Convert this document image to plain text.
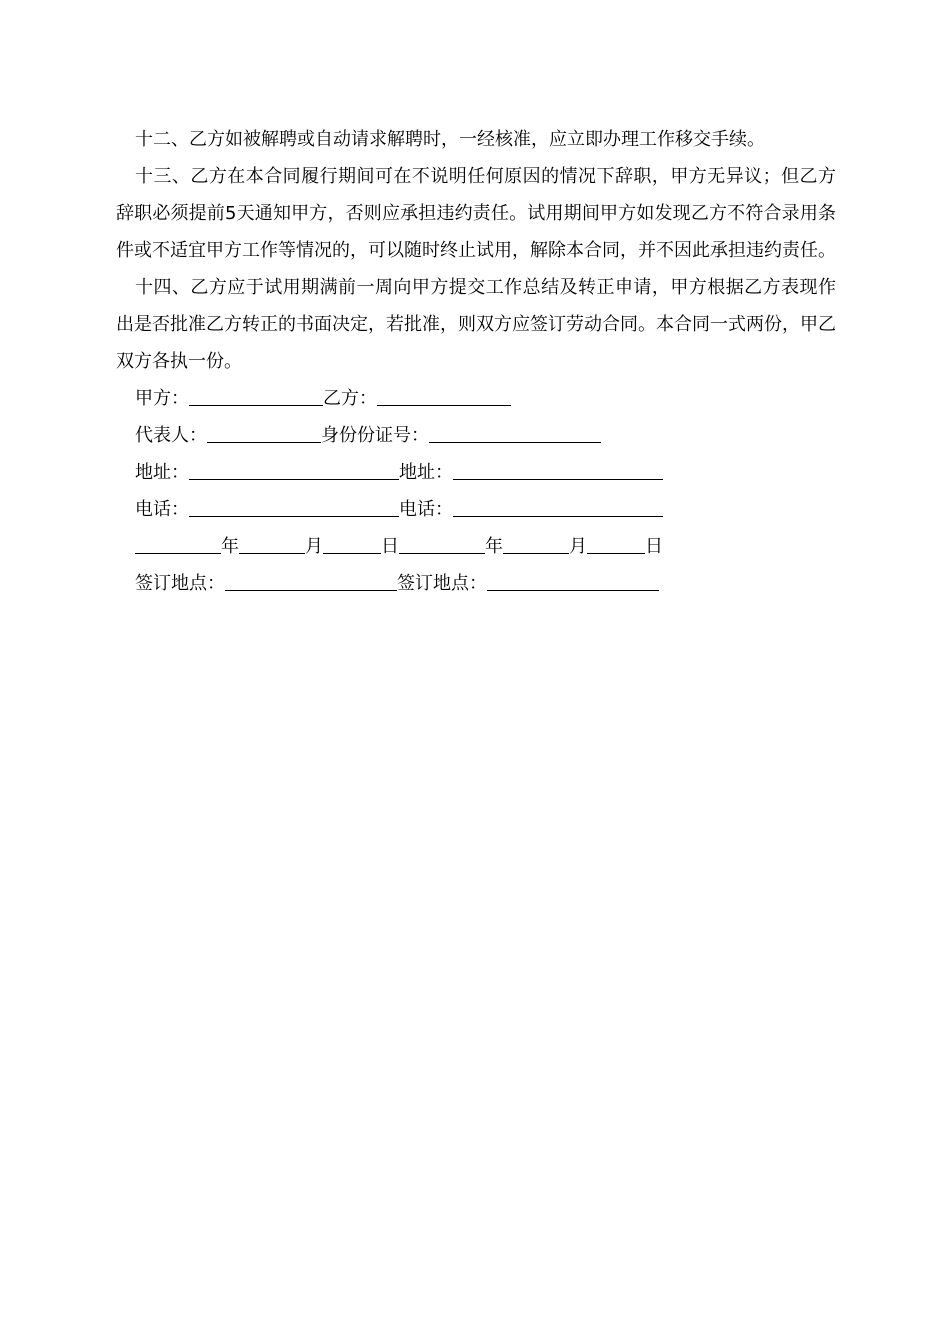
十二、乙方如被解聘或自动请求解聘时，一经核准，应立即办理工作移交手续。

十三、乙方在本合同履行期间可在不说明任何原因的情况下辞职，甲方无异议；但乙方辞职必须提前5天通知甲方，否则应承担违约责任。试用期间甲方如发现乙方不符合录用条件或不适宜甲方工作等情况的，可以随时终止试用，解除本合同，并不因此承担违约责任。

十四、乙方应于试用期满前一周向甲方提交工作总结及转正申请，甲方根据乙方表现作出是否批准乙方转正的书面决定，若批准，则双方应签订劳动合同。本合同一式两份，甲乙双方各执一份。

甲方：	乙方：
代表人：	身份份证号：
地址：	地址：
电话：	电话：
年	月	日	年	月	日
签订地点：	签订地点：
